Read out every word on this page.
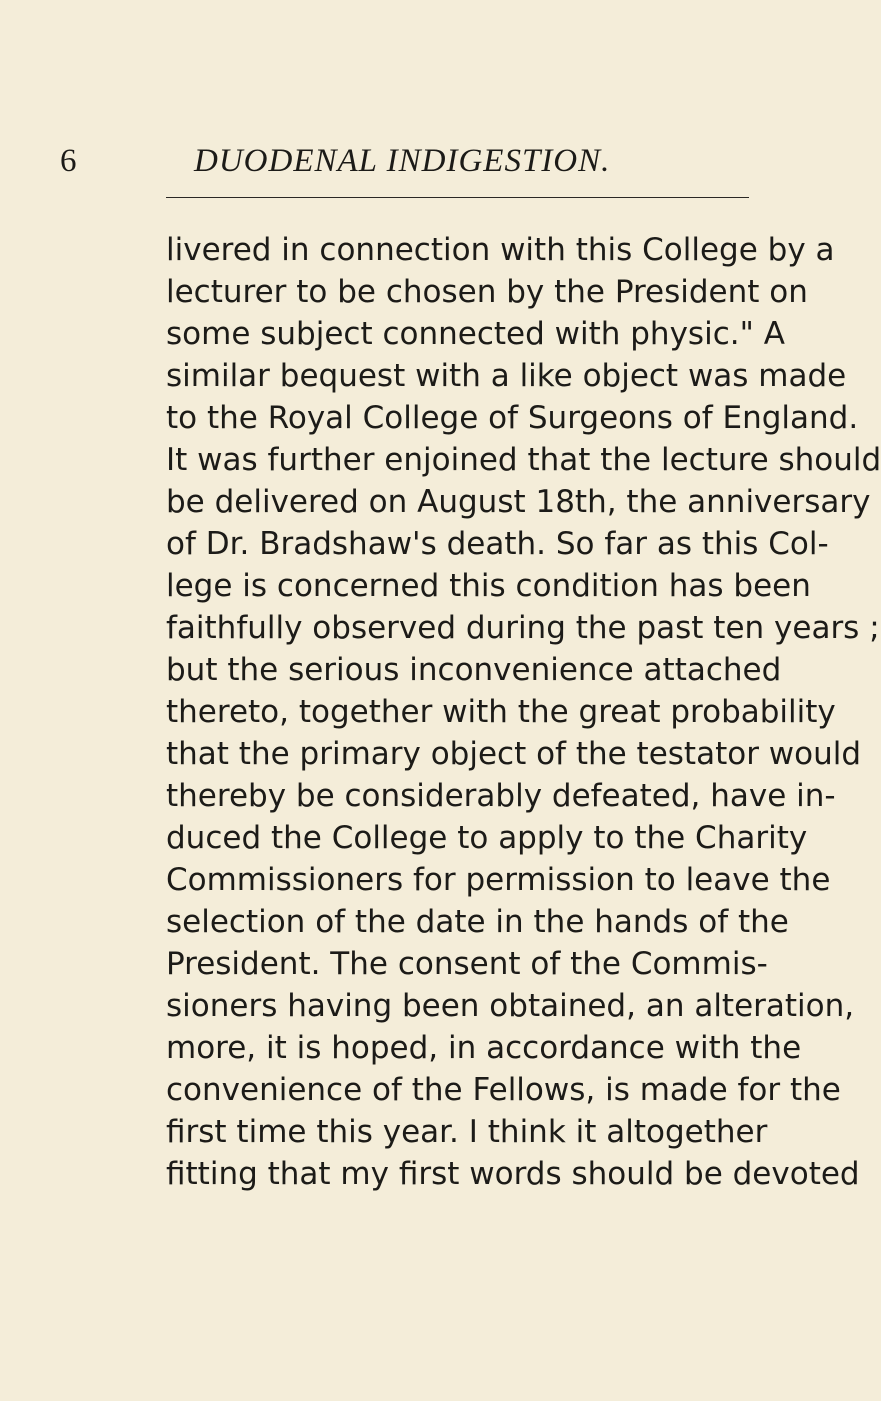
6	DUODENAL INDIGESTION.
livered in connection with this College by a
lecturer to be chosen by the President on
some subject connected with physic." A
similar bequest with a like object was made
to the Royal College of Surgeons of England.
It was further enjoined that the lecture should
be delivered on August 18th, the anniversary
of Dr. Bradshaw's death. So far as this Col-
lege is concerned this condition has been
faithfully observed during the past ten years ;
but the serious inconvenience attached
thereto, together with the great probability
that the primary object of the testator would
thereby be considerably defeated, have in-
duced the College to apply to the Charity
Commissioners for permission to leave the
selection of the date in the hands of the
President. The consent of the Commis-
sioners having been obtained, an alteration,
more, it is hoped, in accordance with the
convenience of the Fellows, is made for the
first time this year. I think it altogether
fitting that my first words should be devoted
